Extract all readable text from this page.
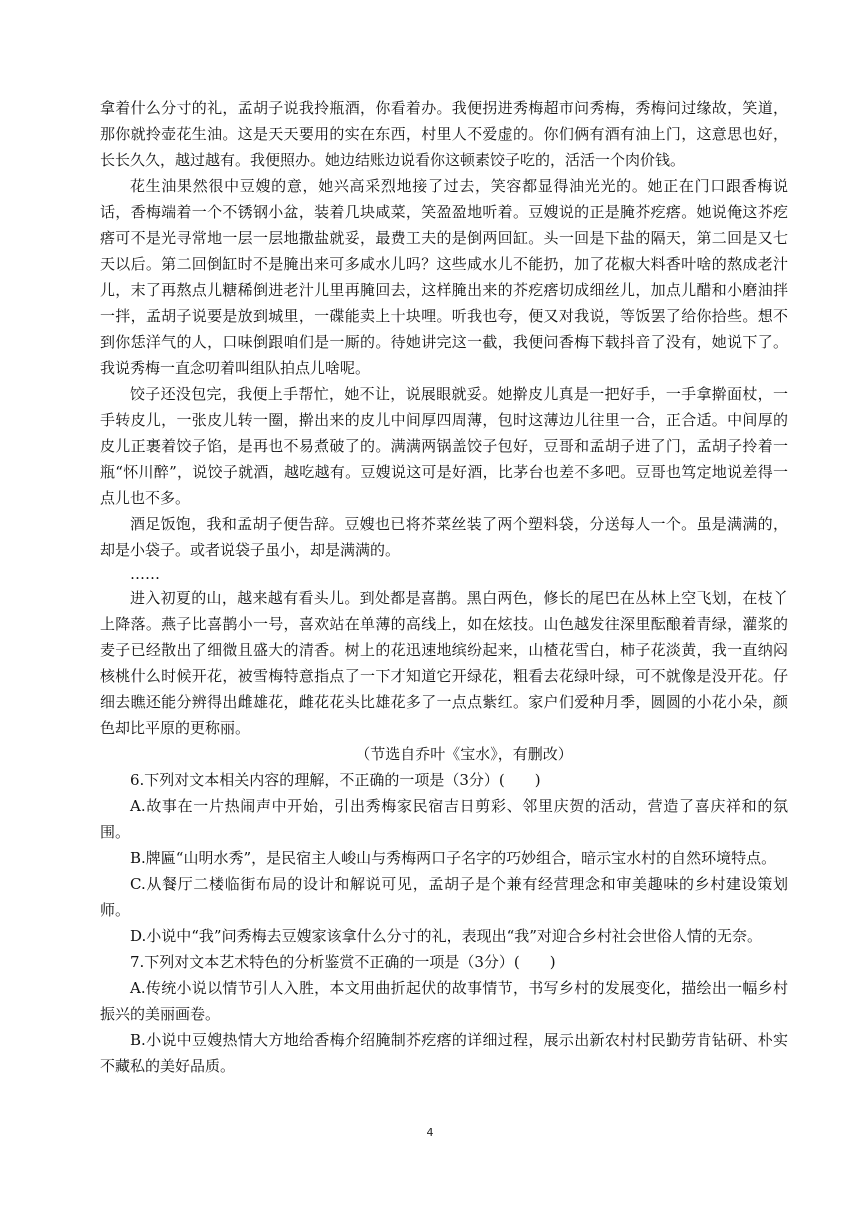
拿着什么分寸的礼，孟胡子说我拎瓶酒，你看着办。我便拐进秀梅超市问秀梅，秀梅问过缘故，笑道，那你就拎壶花生油。这是天天要用的实在东西，村里人不爱虚的。你们俩有酒有油上门，这意思也好，长长久久，越过越有。我便照办。她边结账边说看你这顿素饺子吃的，活活一个肉价钱。

花生油果然很中豆嫂的意，她兴高采烈地接了过去，笑容都显得油光光的。她正在门口跟香梅说话，香梅端着一个不锈钢小盆，装着几块咸菜，笑盈盈地听着。豆嫂说的正是腌芥疙瘩。她说俺这芥疙瘩可不是光寻常地一层一层地撒盐就妥，最费工夫的是倒两回缸。头一回是下盐的隔天，第二回是又七天以后。第二回倒缸时不是腌出来可多咸水儿吗？这些咸水儿不能扔，加了花椒大料香叶啥的熬成老汁儿，末了再熬点儿糖稀倒进老汁儿里再腌回去，这样腌出来的芥疙瘩切成细丝儿，加点儿醋和小磨油拌一拌，孟胡子说要是放到城里，一碟能卖上十块哩。听我也夸，便又对我说，等饭罢了给你拾些。想不到你恁洋气的人，口味倒跟咱们是一厮的。待她讲完这一截，我便问香梅下载抖音了没有，她说下了。我说秀梅一直念叨着叫组队拍点儿啥呢。

饺子还没包完，我便上手帮忙，她不让，说展眼就妥。她擀皮儿真是一把好手，一手拿擀面杖，一手转皮儿，一张皮儿转一圈，擀出来的皮儿中间厚四周薄，包时这薄边儿往里一合，正合适。中间厚的皮儿正裹着饺子馅，是再也不易煮破了的。满满两锅盖饺子包好，豆哥和孟胡子进了门，孟胡子拎着一瓶“怀川醉”，说饺子就酒，越吃越有。豆嫂说这可是好酒，比茅台也差不多吧。豆哥也笃定地说差得一点儿也不多。

酒足饭饱，我和孟胡子便告辞。豆嫂也已将芥菜丝装了两个塑料袋，分送每人一个。虽是满满的，却是小袋子。或者说袋子虽小，却是满满的。

……

进入初夏的山，越来越有看头儿。到处都是喜鹊。黑白两色，修长的尾巴在丛林上空飞划，在枝丫上降落。燕子比喜鹊小一号，喜欢站在单薄的高线上，如在炫技。山色越发往深里酝酿着青绿，灌浆的麦子已经散出了细微且盛大的清香。树上的花迅速地缤纷起来，山楂花雪白，柿子花淡黄，我一直纳闷核桃什么时候开花，被雪梅特意指点了一下才知道它开绿花，粗看去花绿叶绿，可不就像是没开花。仔细去瞧还能分辨得出雌雄花，雌花花头比雄花多了一点点紫红。家户们爱种月季，圆圆的小花小朵，颜色却比平原的更称丽。

（节选自乔叶《宝水》，有删改）

6.下列对文本相关内容的理解，不正确的一项是（3分）(　　)

A.故事在一片热闹声中开始，引出秀梅家民宿吉日剪彩、邻里庆贺的活动，营造了喜庆祥和的氛围。

B.牌匾“山明水秀”，是民宿主人峻山与秀梅两口子名字的巧妙组合，暗示宝水村的自然环境特点。

C.从餐厅二楼临街布局的设计和解说可见，孟胡子是个兼有经营理念和审美趣味的乡村建设策划师。

D.小说中“我”问秀梅去豆嫂家该拿什么分寸的礼，表现出“我”对迎合乡村社会世俗人情的无奈。

7.下列对文本艺术特色的分析鉴赏不正确的一项是（3分）(　　)

A.传统小说以情节引人入胜，本文用曲折起伏的故事情节，书写乡村的发展变化，描绘出一幅乡村振兴的美丽画卷。

B.小说中豆嫂热情大方地给香梅介绍腌制芥疙瘩的详细过程，展示出新农村村民勤劳肯钻研、朴实不藏私的美好品质。

4
